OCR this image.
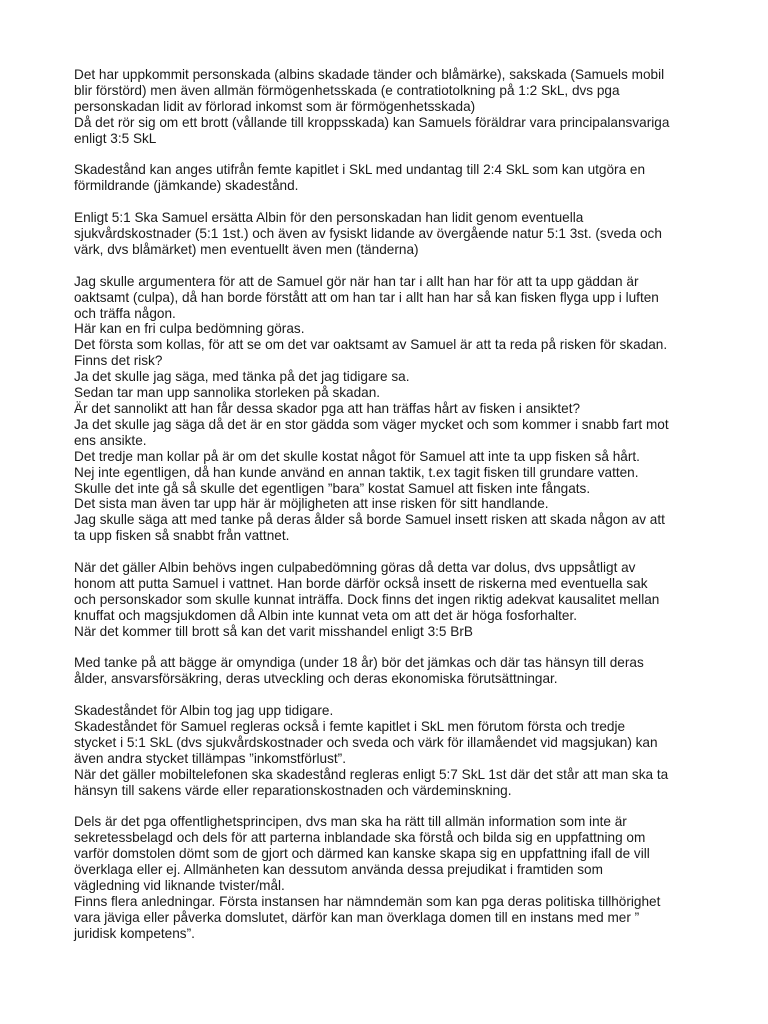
Det har uppkommit personskada (albins skadade tänder och blåmärke), sakskada (Samuels mobil
blir förstörd) men även allmän förmögenhetsskada (e contratiotolkning på 1:2 SkL, dvs pga
personskadan lidit av förlorad inkomst som är förmögenhetsskada)
Då det rör sig om ett brott (vållande till kroppsskada) kan Samuels föräldrar vara principalansvariga
enligt 3:5 SkL
Skadestånd kan anges utifrån femte kapitlet i SkL med undantag till 2:4 SkL som kan utgöra en
förmildrande (jämkande) skadestånd.
Enligt 5:1 Ska Samuel ersätta Albin för den personskadan han lidit genom eventuella
sjukvårdskostnader (5:1 1st.) och även av fysiskt lidande av övergående natur 5:1 3st. (sveda och
värk, dvs blåmärket) men eventuellt även men (tänderna)
Jag skulle argumentera för att de Samuel gör när han tar i allt han har för att ta upp gäddan är
oaktsamt (culpa), då han borde förstått att om han tar i allt han har så kan fisken flyga upp i luften
och träffa någon.
Här kan en fri culpa bedömning göras.
Det första som kollas, för att se om det var oaktsamt av Samuel är att ta reda på risken för skadan.
Finns det risk?
Ja det skulle jag säga, med tänka på det jag tidigare sa.
Sedan tar man upp sannolika storleken på skadan.
Är det sannolikt att han får dessa skador pga att han träffas hårt av fisken i ansiktet?
Ja det skulle jag säga då det är en stor gädda som väger mycket och som kommer i snabb fart mot
ens ansikte.
Det tredje man kollar på är om det skulle kostat något för Samuel att inte ta upp fisken så hårt.
Nej inte egentligen, då han kunde använd en annan taktik, t.ex tagit fisken till grundare vatten.
Skulle det inte gå så skulle det egentligen ”bara” kostat Samuel att fisken inte fångats.
Det sista man även tar upp här är möjligheten att inse risken för sitt handlande.
Jag skulle säga att med tanke på deras ålder så borde Samuel insett risken att skada någon av att
ta upp fisken så snabbt från vattnet.
När det gäller Albin behövs ingen culpabedömning göras då detta var dolus, dvs uppsåtligt av
honom att putta Samuel i vattnet. Han borde därför också insett de riskerna med eventuella sak
och personskador som skulle kunnat inträffa. Dock finns det ingen riktig adekvat kausalitet mellan
knuffat och magsjukdomen då Albin inte kunnat veta om att det är höga fosforhalter.
När det kommer till brott så kan det varit misshandel enligt 3:5 BrB
Med tanke på att bägge är omyndiga (under 18 år) bör det jämkas och där tas hänsyn till deras
ålder, ansvarsförsäkring, deras utveckling och deras ekonomiska förutsättningar.
Skadeståndet för Albin tog jag upp tidigare.
Skadeståndet för Samuel regleras också i femte kapitlet i SkL men förutom första och tredje
stycket i 5:1 SkL (dvs sjukvårdskostnader och sveda och värk för illamåendet vid magsjukan) kan
även andra stycket tillämpas ”inkomstförlust”.
När det gäller mobiltelefonen ska skadestånd regleras enligt 5:7 SkL 1st där det står att man ska ta
hänsyn till sakens värde eller reparationskostnaden och värdeminskning.
Dels är det pga offentlighetsprincipen, dvs man ska ha rätt till allmän information som inte är
sekretessbelagd och dels för att parterna inblandade ska förstå och bilda sig en uppfattning om
varför domstolen dömt som de gjort och därmed kan kanske skapa sig en uppfattning ifall de vill
överklaga eller ej. Allmänheten kan dessutom använda dessa prejudikat i framtiden som
vägledning vid liknande tvister/mål.
Finns flera anledningar. Första instansen har nämndemän som kan pga deras politiska tillhörighet
vara jäviga eller påverka domslutet, därför kan man överklaga domen till en instans med mer ”
juridisk kompetens”.
